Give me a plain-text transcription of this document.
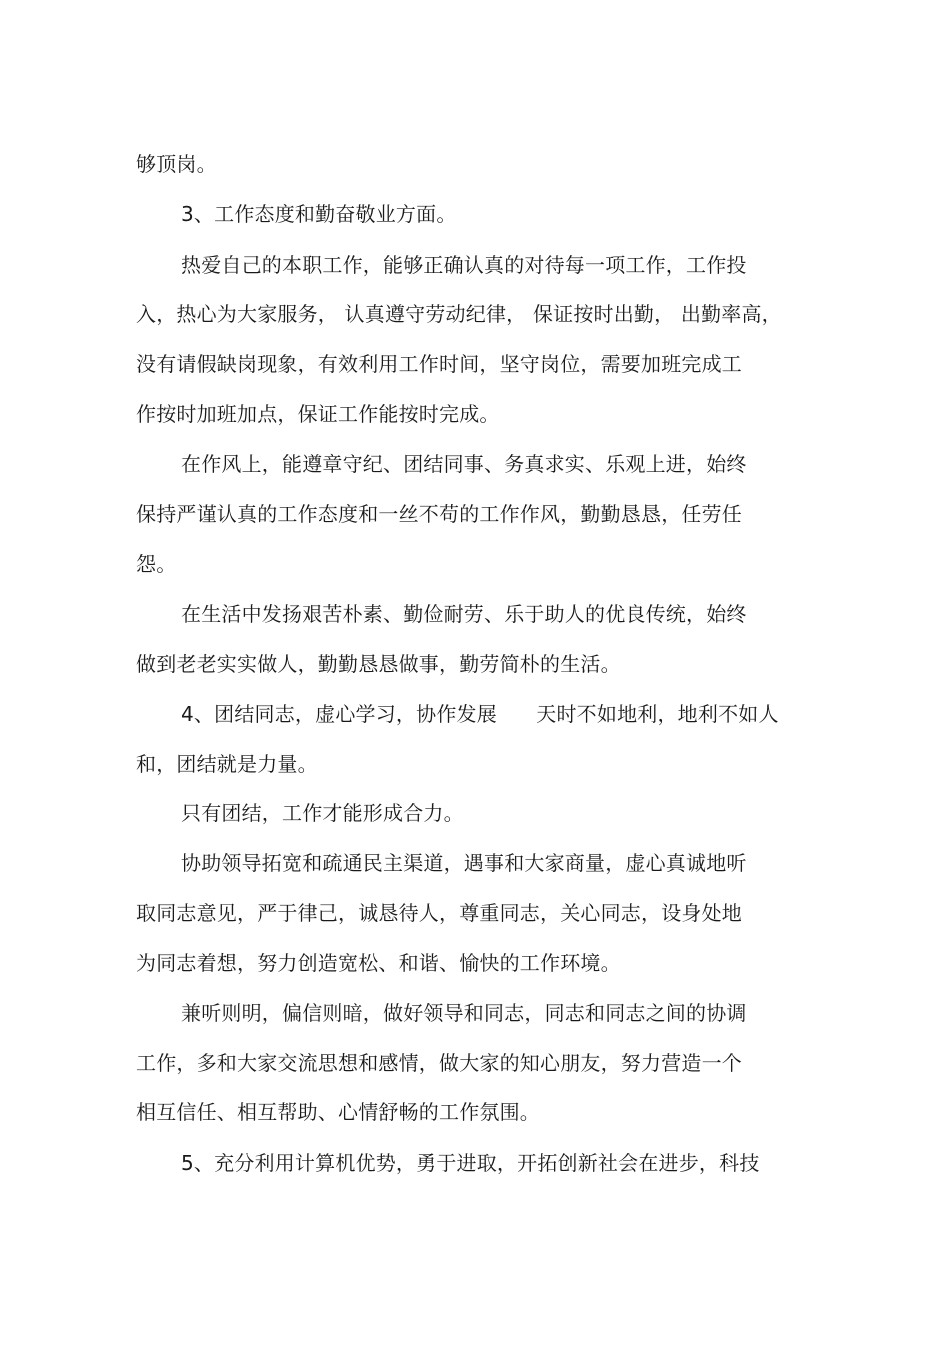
够顶岗。
3、工作态度和勤奋敬业方面。
热爱自己的本职工作，能够正确认真的对待每一项工作，工作投
入，热心为大家服务， 认真遵守劳动纪律， 保证按时出勤， 出勤率高，
没有请假缺岗现象，有效利用工作时间，坚守岗位，需要加班完成工
作按时加班加点，保证工作能按时完成。
在作风上，能遵章守纪、团结同事、务真求实、乐观上进，始终
保持严谨认真的工作态度和一丝不苟的工作作风，勤勤恳恳，任劳任
怨。
在生活中发扬艰苦朴素、勤俭耐劳、乐于助人的优良传统，始终
做到老老实实做人，勤勤恳恳做事，勤劳简朴的生活。
4、团结同志，虚心学习，协作发展      天时不如地利，地利不如人
和，团结就是力量。
只有团结，工作才能形成合力。
协助领导拓宽和疏通民主渠道，遇事和大家商量，虚心真诚地听
取同志意见，严于律己，诚恳待人，尊重同志，关心同志，设身处地
为同志着想，努力创造宽松、和谐、愉快的工作环境。
兼听则明，偏信则暗，做好领导和同志，同志和同志之间的协调
工作，多和大家交流思想和感情，做大家的知心朋友，努力营造一个
相互信任、相互帮助、心情舒畅的工作氛围。
5、充分利用计算机优势，勇于进取，开拓创新社会在进步，科技
